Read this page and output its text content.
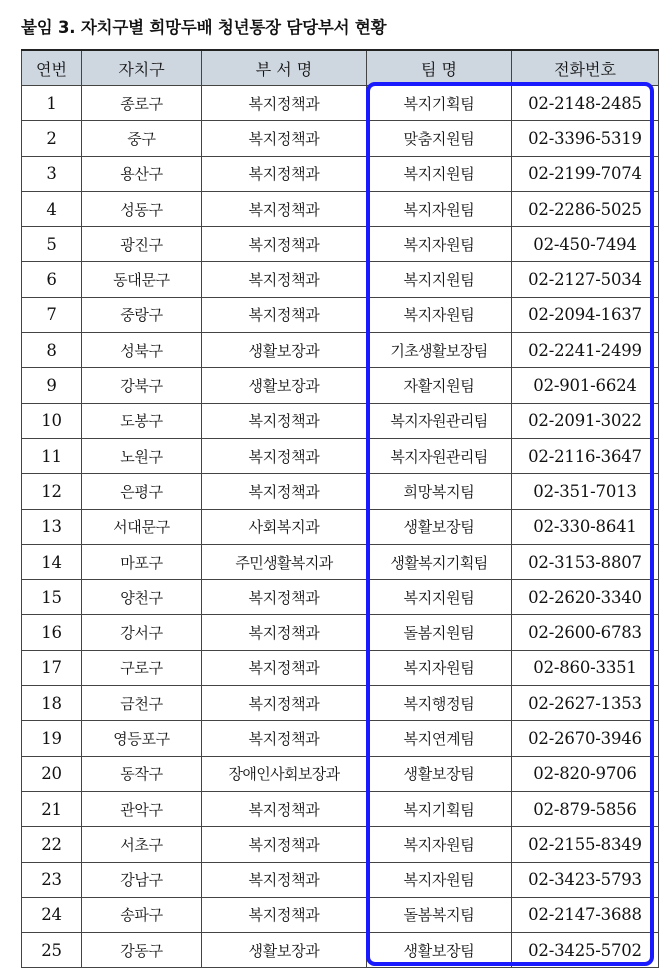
붙임 3. 자치구별 희망두배 청년통장 담당부서 현황
연번	자치구	부 서 명	팀 명	전화번호
1	종로구	복지정책과	복지기획팀	02-2148-2485
2	중구	복지정책과	맞춤지원팀	02-3396-5319
3	용산구	복지정책과	복지지원팀	02-2199-7074
4	성동구	복지정책과	복지자원팀	02-2286-5025
5	광진구	복지정책과	복지자원팀	02-450-7494
6	동대문구	복지정책과	복지지원팀	02-2127-5034
7	중랑구	복지정책과	복지자원팀	02-2094-1637
8	성북구	생활보장과	기초생활보장팀	02-2241-2499
9	강북구	생활보장과	자활지원팀	02-901-6624
10	도봉구	복지정책과	복지자원관리팀	02-2091-3022
11	노원구	복지정책과	복지자원관리팀	02-2116-3647
12	은평구	복지정책과	희망복지팀	02-351-7013
13	서대문구	사회복지과	생활보장팀	02-330-8641
14	마포구	주민생활복지과	생활복지기획팀	02-3153-8807
15	양천구	복지정책과	복지지원팀	02-2620-3340
16	강서구	복지정책과	돌봄지원팀	02-2600-6783
17	구로구	복지정책과	복지자원팀	02-860-3351
18	금천구	복지정책과	복지행정팀	02-2627-1353
19	영등포구	복지정책과	복지연계팀	02-2670-3946
20	동작구	장애인사회보장과	생활보장팀	02-820-9706
21	관악구	복지정책과	복지기획팀	02-879-5856
22	서초구	복지정책과	복지자원팀	02-2155-8349
23	강남구	복지정책과	복지자원팀	02-3423-5793
24	송파구	복지정책과	돌봄복지팀	02-2147-3688
25	강동구	생활보장과	생활보장팀	02-3425-5702
